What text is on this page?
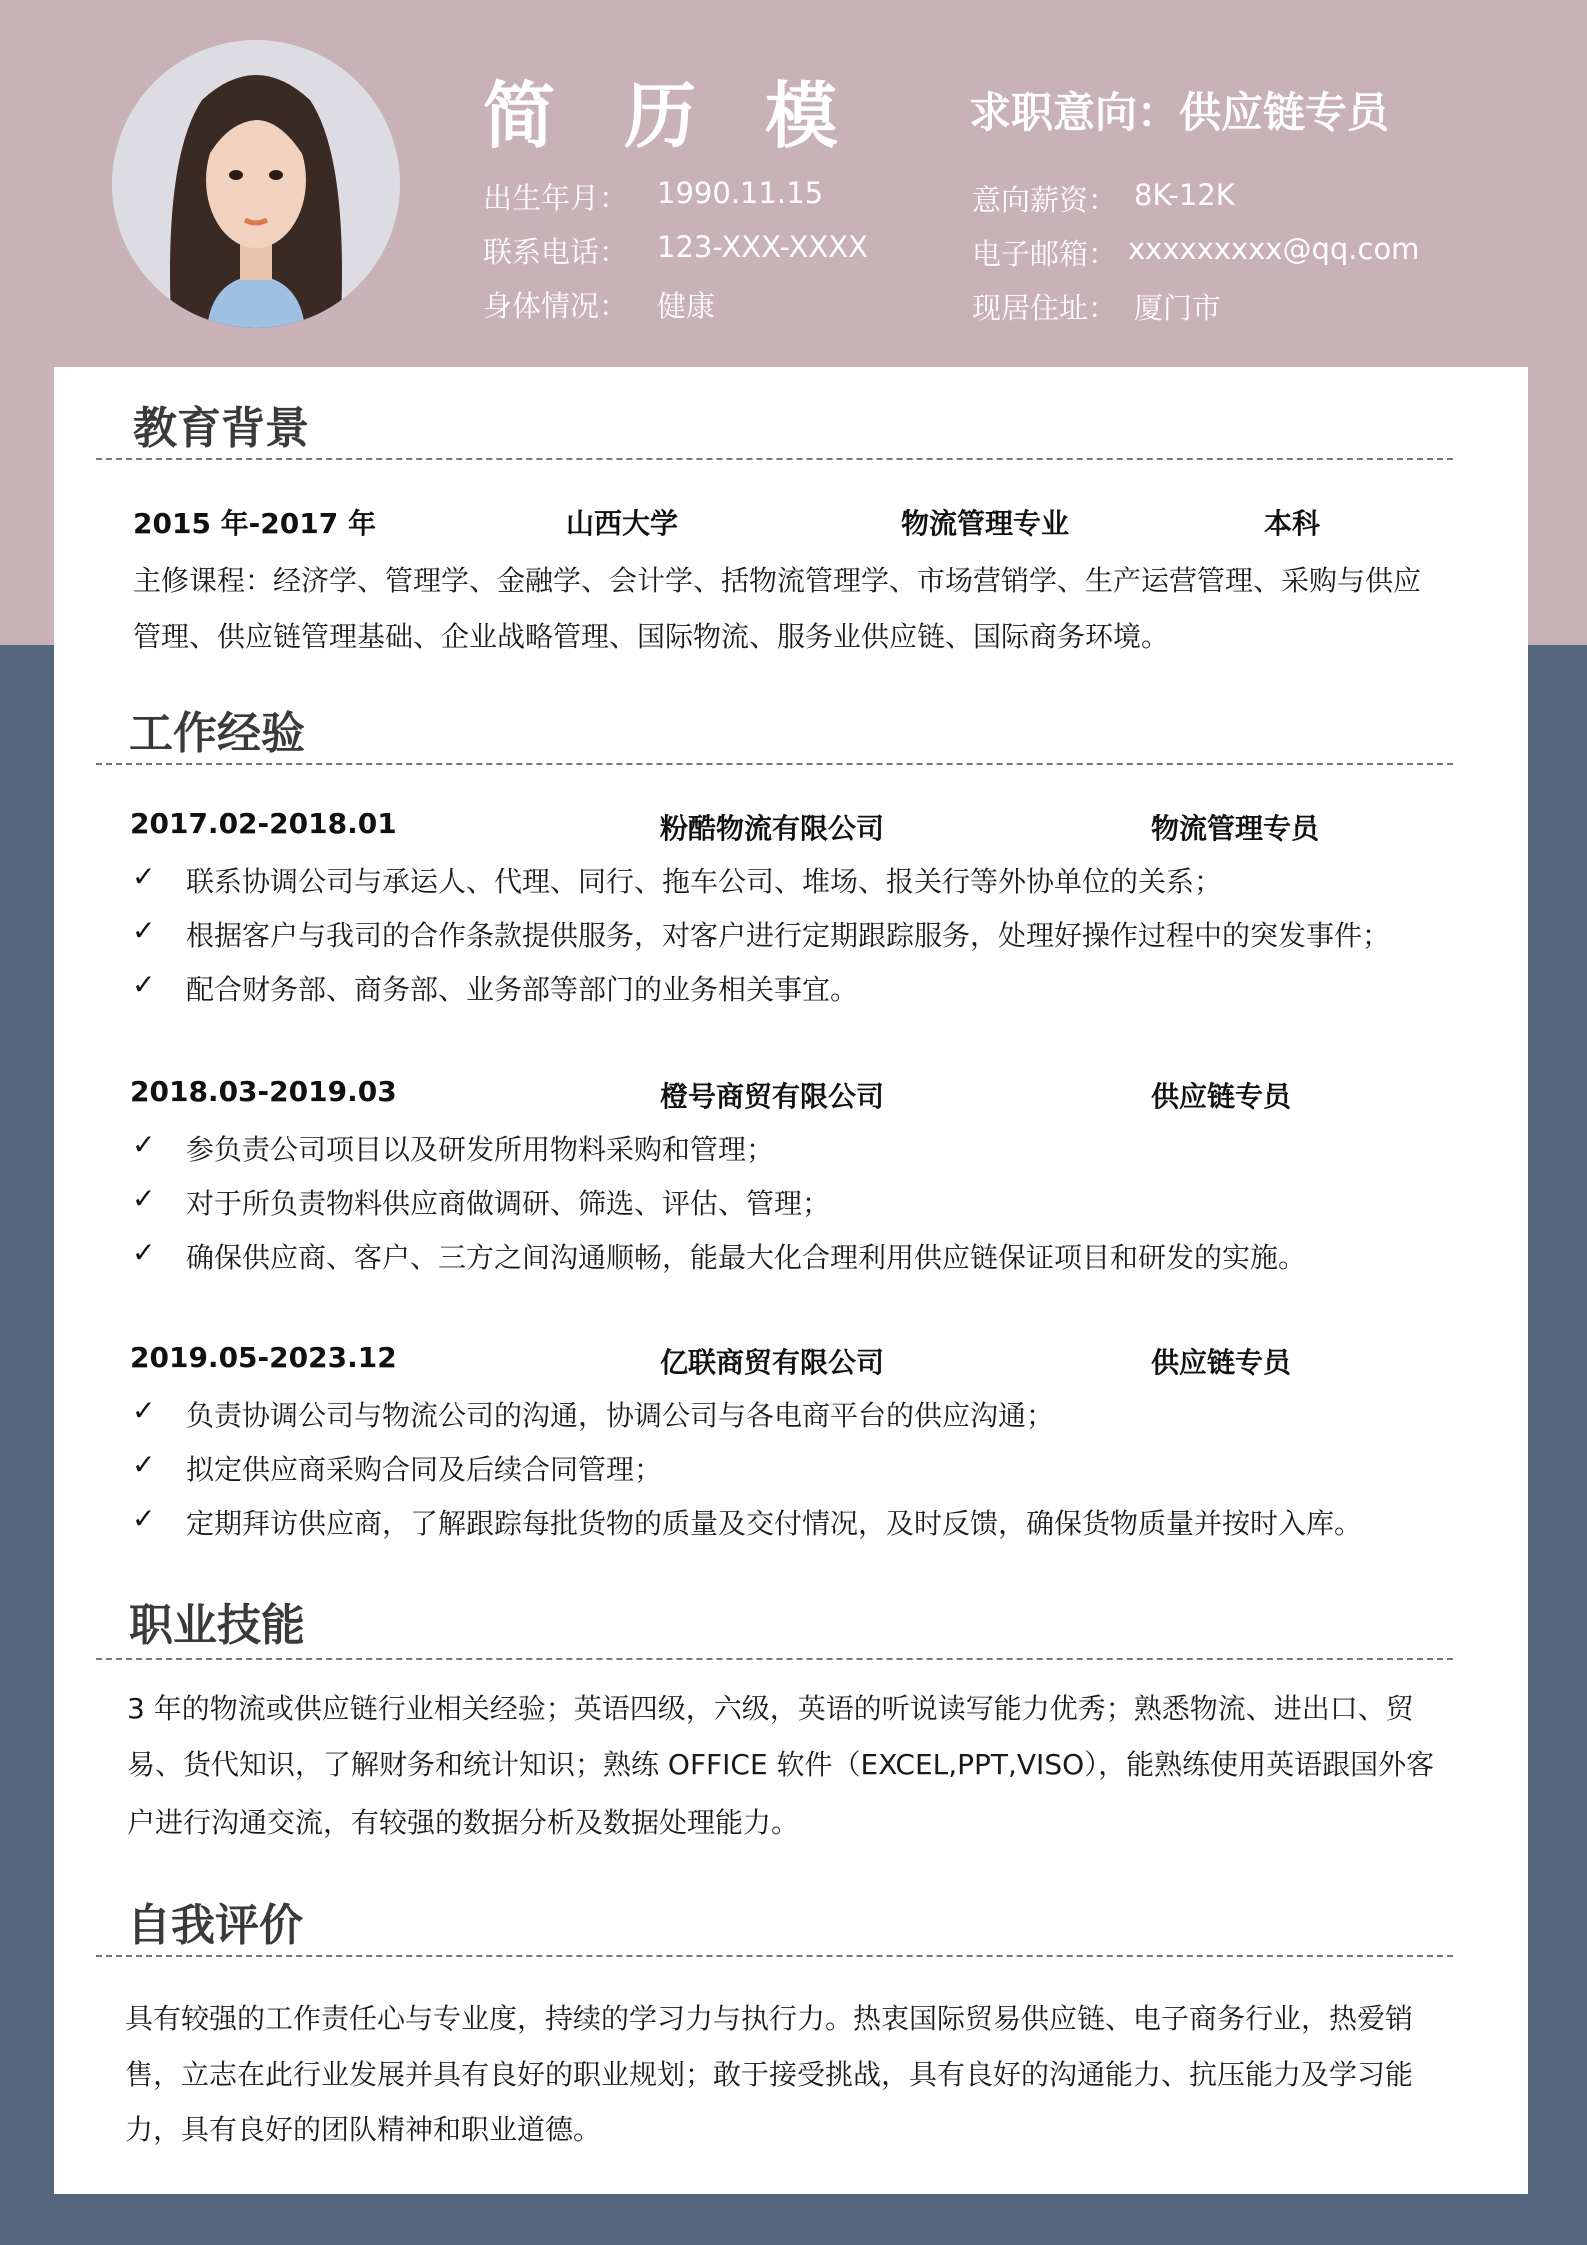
简 历 模	求职意向：供应链专员
出生年月： 1990.11.15
联系电话： 123-XXX-XXXX
身体情况： 健康
意向薪资： 8K-12K
电子邮箱： xxxxxxxxx@qq.com
现居住址： 厦门市
教育背景
2015 年-2017 年	山西大学	物流管理专业	本科
主修课程：经济学、管理学、金融学、会计学、括物流管理学、市场营销学、生产运营管理、采购与供应
管理、供应链管理基础、企业战略管理、国际物流、服务业供应链、国际商务环境。
工作经验
2017.02-2018.01	粉酷物流有限公司	物流管理专员
✓ 联系协调公司与承运人、代理、同行、拖车公司、堆场、报关行等外协单位的关系；
✓ 根据客户与我司的合作条款提供服务，对客户进行定期跟踪服务，处理好操作过程中的突发事件；
✓ 配合财务部、商务部、业务部等部门的业务相关事宜。
2018.03-2019.03	橙号商贸有限公司	供应链专员
✓ 参负责公司项目以及研发所用物料采购和管理；
✓ 对于所负责物料供应商做调研、筛选、评估、管理；
✓ 确保供应商、客户、三方之间沟通顺畅，能最大化合理利用供应链保证项目和研发的实施。
2019.05-2023.12	亿联商贸有限公司	供应链专员
✓ 负责协调公司与物流公司的沟通，协调公司与各电商平台的供应沟通；
✓ 拟定供应商采购合同及后续合同管理；
✓ 定期拜访供应商，了解跟踪每批货物的质量及交付情况，及时反馈，确保货物质量并按时入库。
职业技能
3 年的物流或供应链行业相关经验；英语四级，六级，英语的听说读写能力优秀；熟悉物流、进出口、贸
易、货代知识，了解财务和统计知识；熟练 OFFICE 软件（EXCEL,PPT,VISO），能熟练使用英语跟国外客
户进行沟通交流，有较强的数据分析及数据处理能力。
自我评价
具有较强的工作责任心与专业度，持续的学习力与执行力。热衷国际贸易供应链、电子商务行业，热爱销
售，立志在此行业发展并具有良好的职业规划；敢于接受挑战，具有良好的沟通能力、抗压能力及学习能
力，具有良好的团队精神和职业道德。
